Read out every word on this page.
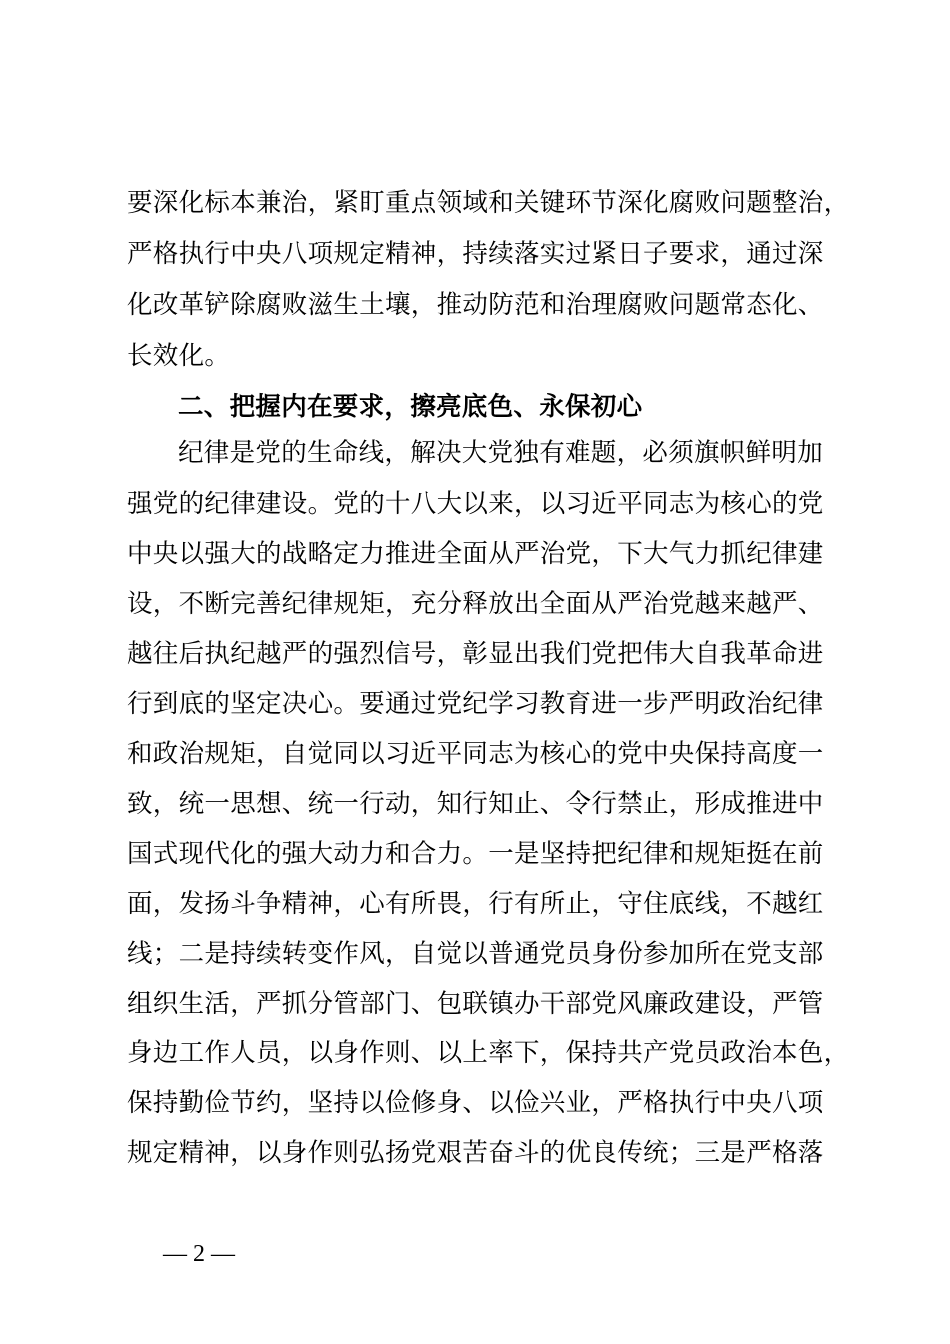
要深化标本兼治，紧盯重点领域和关键环节深化腐败问题整治，
严格执行中央八项规定精神，持续落实过紧日子要求，通过深
化改革铲除腐败滋生土壤，推动防范和治理腐败问题常态化、
长效化。
二、把握内在要求，擦亮底色、永保初心
纪律是党的生命线，解决大党独有难题，必须旗帜鲜明加
强党的纪律建设。党的十八大以来，以习近平同志为核心的党
中央以强大的战略定力推进全面从严治党，下大气力抓纪律建
设，不断完善纪律规矩，充分释放出全面从严治党越来越严、
越往后执纪越严的强烈信号，彰显出我们党把伟大自我革命进
行到底的坚定决心。要通过党纪学习教育进一步严明政治纪律
和政治规矩，自觉同以习近平同志为核心的党中央保持高度一
致，统一思想、统一行动，知行知止、令行禁止，形成推进中
国式现代化的强大动力和合力。一是坚持把纪律和规矩挺在前
面，发扬斗争精神，心有所畏，行有所止，守住底线，不越红
线；二是持续转变作风，自觉以普通党员身份参加所在党支部
组织生活，严抓分管部门、包联镇办干部党风廉政建设，严管
身边工作人员，以身作则、以上率下，保持共产党员政治本色，
保持勤俭节约，坚持以俭修身、以俭兴业，严格执行中央八项
规定精神，以身作则弘扬党艰苦奋斗的优良传统；三是严格落
— 2 —
